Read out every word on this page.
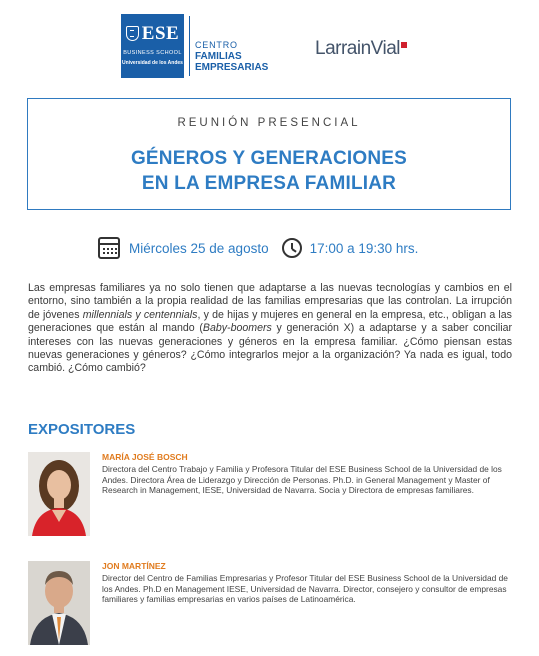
ESE
BUSINESS SCHOOL
Universidad de los Andes
CENTRO
FAMILIAS
EMPRESARIAS
LarrainVial
REUNIÓN PRESENCIAL
GÉNEROS Y GENERACIONES
EN LA EMPRESA FAMILIAR
Miércoles 25 de agosto	17:00 a 19:30 hrs.
Las empresas familiares ya no solo tienen que adaptarse a las nuevas tecnologías y cambios en el entorno, sino también a la propia realidad de las familias empresarias que las controlan. La irrupción de jóvenes millennials y centennials, y de hijas y mujeres en general en la empresa, etc., obligan a las generaciones que están al mando (Baby-boomers y generación X) a adaptarse y a saber conciliar intereses con las nuevas generaciones y géneros en la empresa familiar. ¿Cómo piensan estas nuevas generaciones y géneros? ¿Cómo integrarlos mejor a la organización? Ya nada es igual, todo cambió. ¿Cómo cambió?
EXPOSITORES
MARÍA JOSÉ BOSCH
Directora del Centro Trabajo y Familia y Profesora Titular del ESE Business School de la Universidad de los Andes. Directora Área de Liderazgo y Dirección de Personas. Ph.D. in General Management y Master of Research in Management, IESE, Universidad de Navarra. Socia y Directora de empresas familiares.
JON MARTÍNEZ
Director del Centro de Familias Empresarias y Profesor Titular del ESE Business School de la Universidad de los Andes. Ph.D en Management IESE, Universidad de Navarra. Director, consejero y consultor de empresas familiares y familias empresarias en varios países de Latinoamérica.
